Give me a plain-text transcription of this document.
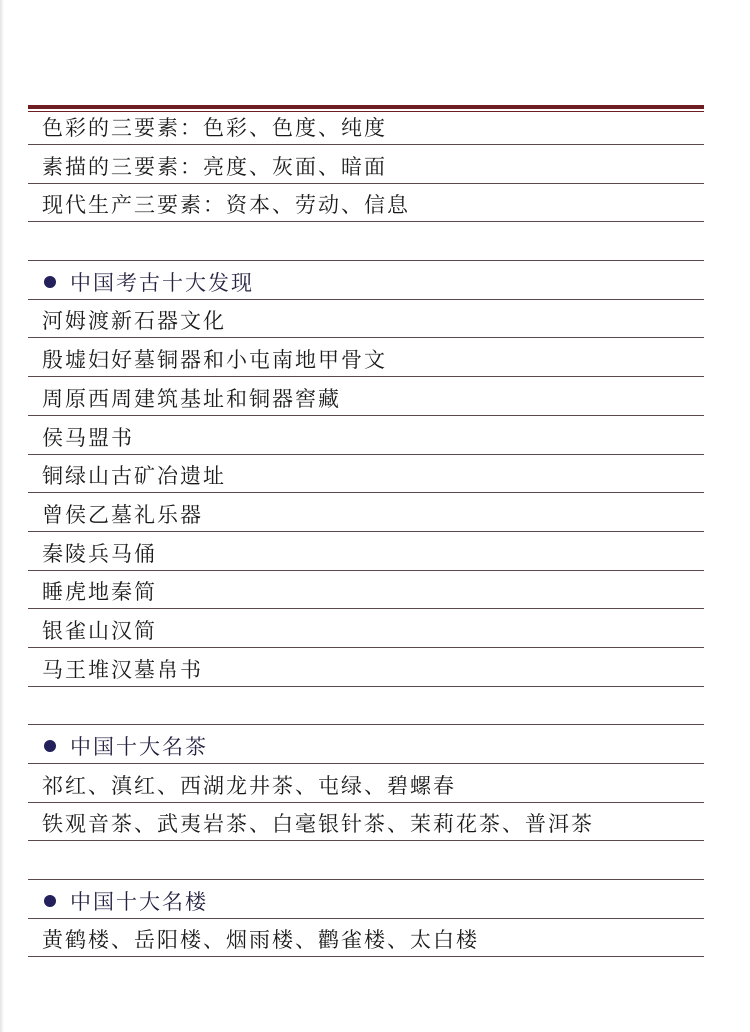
色彩的三要素：色彩、色度、纯度
素描的三要素：亮度、灰面、暗面
现代生产三要素：资本、劳动、信息
中国考古十大发现
河姆渡新石器文化
殷墟妇好墓铜器和小屯南地甲骨文
周原西周建筑基址和铜器窖藏
侯马盟书
铜绿山古矿冶遗址
曾侯乙墓礼乐器
秦陵兵马俑
睡虎地秦简
银雀山汉简
马王堆汉墓帛书
中国十大名茶
祁红、滇红、西湖龙井茶、屯绿、碧螺春
铁观音茶、武夷岩茶、白毫银针茶、茉莉花茶、普洱茶
中国十大名楼
黄鹤楼、岳阳楼、烟雨楼、鹳雀楼、太白楼
